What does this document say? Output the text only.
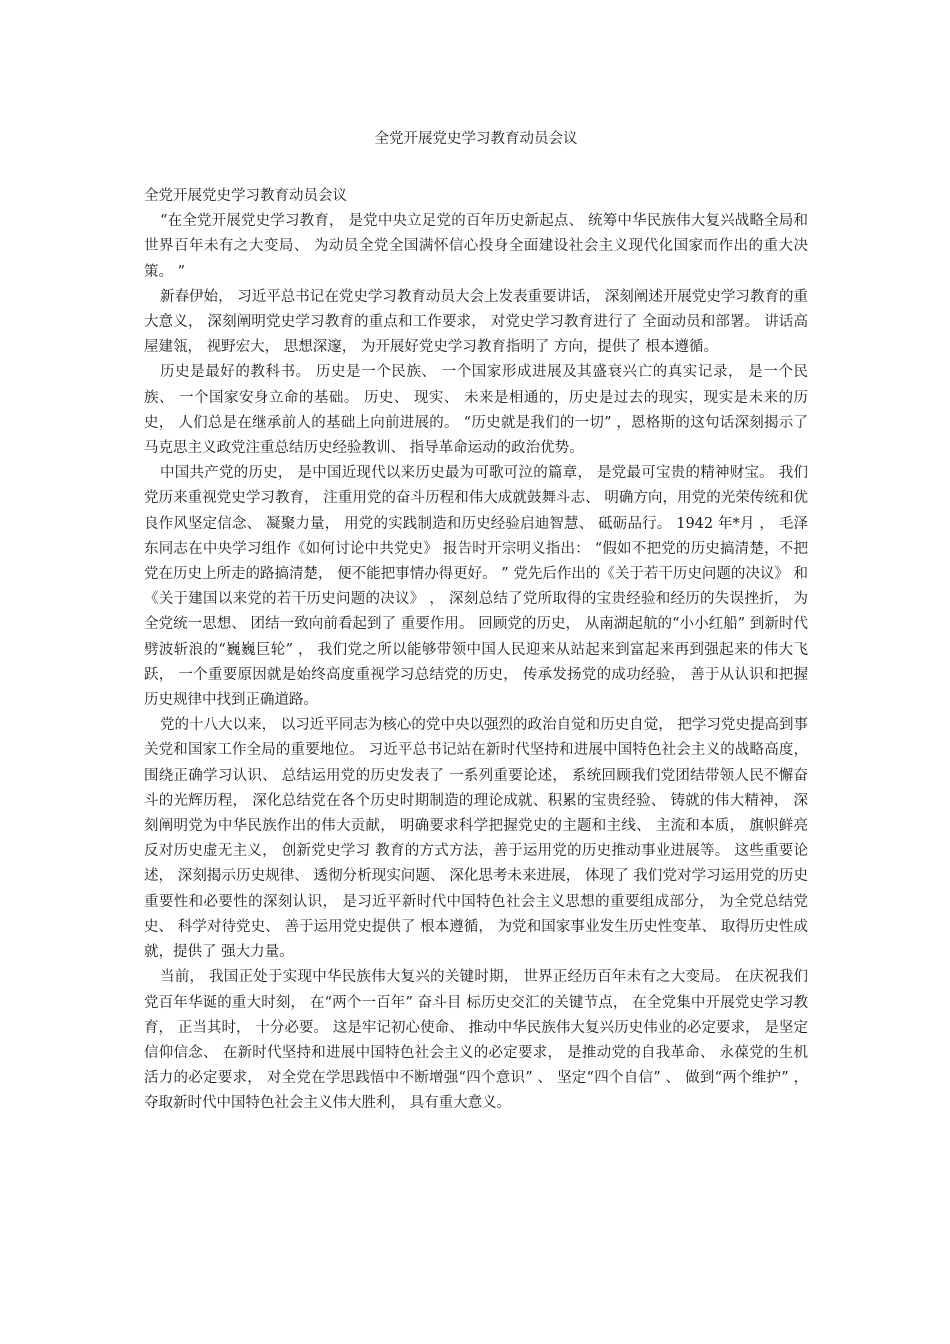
全党开展党史学习教育动员会议

全党开展党史学习教育动员会议

“在全党开展党史学习教育， 是党中央立足党的百年历史新起点、 统筹中华民族伟大复兴战略全局和世界百年未有之大变局、 为动员全党全国满怀信心投身全面建设社会主义现代化国家而作出的重大决策。 ”

新春伊始， 习近平总书记在党史学习教育动员大会上发表重要讲话， 深刻阐述开展党史学习教育的重大意义， 深刻阐明党史学习教育的重点和工作要求， 对党史学习教育进行了 全面动员和部署。 讲话高屋建瓴， 视野宏大， 思想深邃， 为开展好党史学习教育指明了 方向，提供了 根本遵循。

历史是最好的教科书。 历史是一个民族、 一个国家形成进展及其盛衰兴亡的真实记录， 是一个民族、 一个国家安身立命的基础。 历史、 现实、 未来是相通的，历史是过去的现实，现实是未来的历史， 人们总是在继承前人的基础上向前进展的。 “历史就是我们的一切” ，恩格斯的这句话深刻揭示了 马克思主义政党注重总结历史经验教训、 指导革命运动的政治优势。

中国共产党的历史， 是中国近现代以来历史最为可歌可泣的篇章， 是党最可宝贵的精神财宝。 我们党历来重视党史学习教育， 注重用党的奋斗历程和伟大成就鼓舞斗志、 明确方向，用党的光荣传统和优良作风坚定信念、 凝聚力量， 用党的实践制造和历史经验启迪智慧、 砥砺品行。 1942 年*月 ， 毛泽东同志在中央学习组作《如何讨论中共党史》 报告时开宗明义指出： “假如不把党的历史搞清楚，不把党在历史上所走的路搞清楚， 便不能把事情办得更好。 ” 党先后作出的《关于若干历史问题的决议》 和《关于建国以来党的若干历史问题的决议》 ， 深刻总结了党所取得的宝贵经验和经历的失误挫折， 为全党统一思想、 团结一致向前看起到了 重要作用。 回顾党的历史， 从南湖起航的“小小红船” 到新时代劈波斩浪的“巍巍巨轮” ， 我们党之所以能够带领中国人民迎来从站起来到富起来再到强起来的伟大飞跃， 一个重要原因就是始终高度重视学习总结党的历史， 传承发扬党的成功经验， 善于从认识和把握历史规律中找到正确道路。

党的十八大以来， 以习近平同志为核心的党中央以强烈的政治自觉和历史自觉， 把学习党史提高到事关党和国家工作全局的重要地位。 习近平总书记站在新时代坚持和进展中国特色社会主义的战略高度， 围绕正确学习认识、 总结运用党的历史发表了 一系列重要论述， 系统回顾我们党团结带领人民不懈奋斗的光辉历程， 深化总结党在各个历史时期制造的理论成就、积累的宝贵经验、 铸就的伟大精神， 深刻阐明党为中华民族作出的伟大贡献， 明确要求科学把握党史的主题和主线、 主流和本质， 旗帜鲜亮反对历史虚无主义， 创新党史学习 教育的方式方法，善于运用党的历史推动事业进展等。 这些重要论述， 深刻揭示历史规律、 透彻分析现实问题、 深化思考未来进展， 体现了 我们党对学习运用党的历史重要性和必要性的深刻认识， 是习近平新时代中国特色社会主义思想的重要组成部分， 为全党总结党史、 科学对待党史、 善于运用党史提供了 根本遵循， 为党和国家事业发生历史性变革、 取得历史性成就，提供了 强大力量。

当前， 我国正处于实现中华民族伟大复兴的关键时期， 世界正经历百年未有之大变局。 在庆祝我们党百年华诞的重大时刻， 在“两个一百年” 奋斗目 标历史交汇的关键节点， 在全党集中开展党史学习教育， 正当其时， 十分必要。 这是牢记初心使命、 推动中华民族伟大复兴历史伟业的必定要求， 是坚定信仰信念、 在新时代坚持和进展中国特色社会主义的必定要求， 是推动党的自我革命、 永葆党的生机活力的必定要求， 对全党在学思践悟中不断增强“四个意识” 、 坚定“四个自信” 、 做到“两个维护” ， 夺取新时代中国特色社会主义伟大胜利， 具有重大意义。
